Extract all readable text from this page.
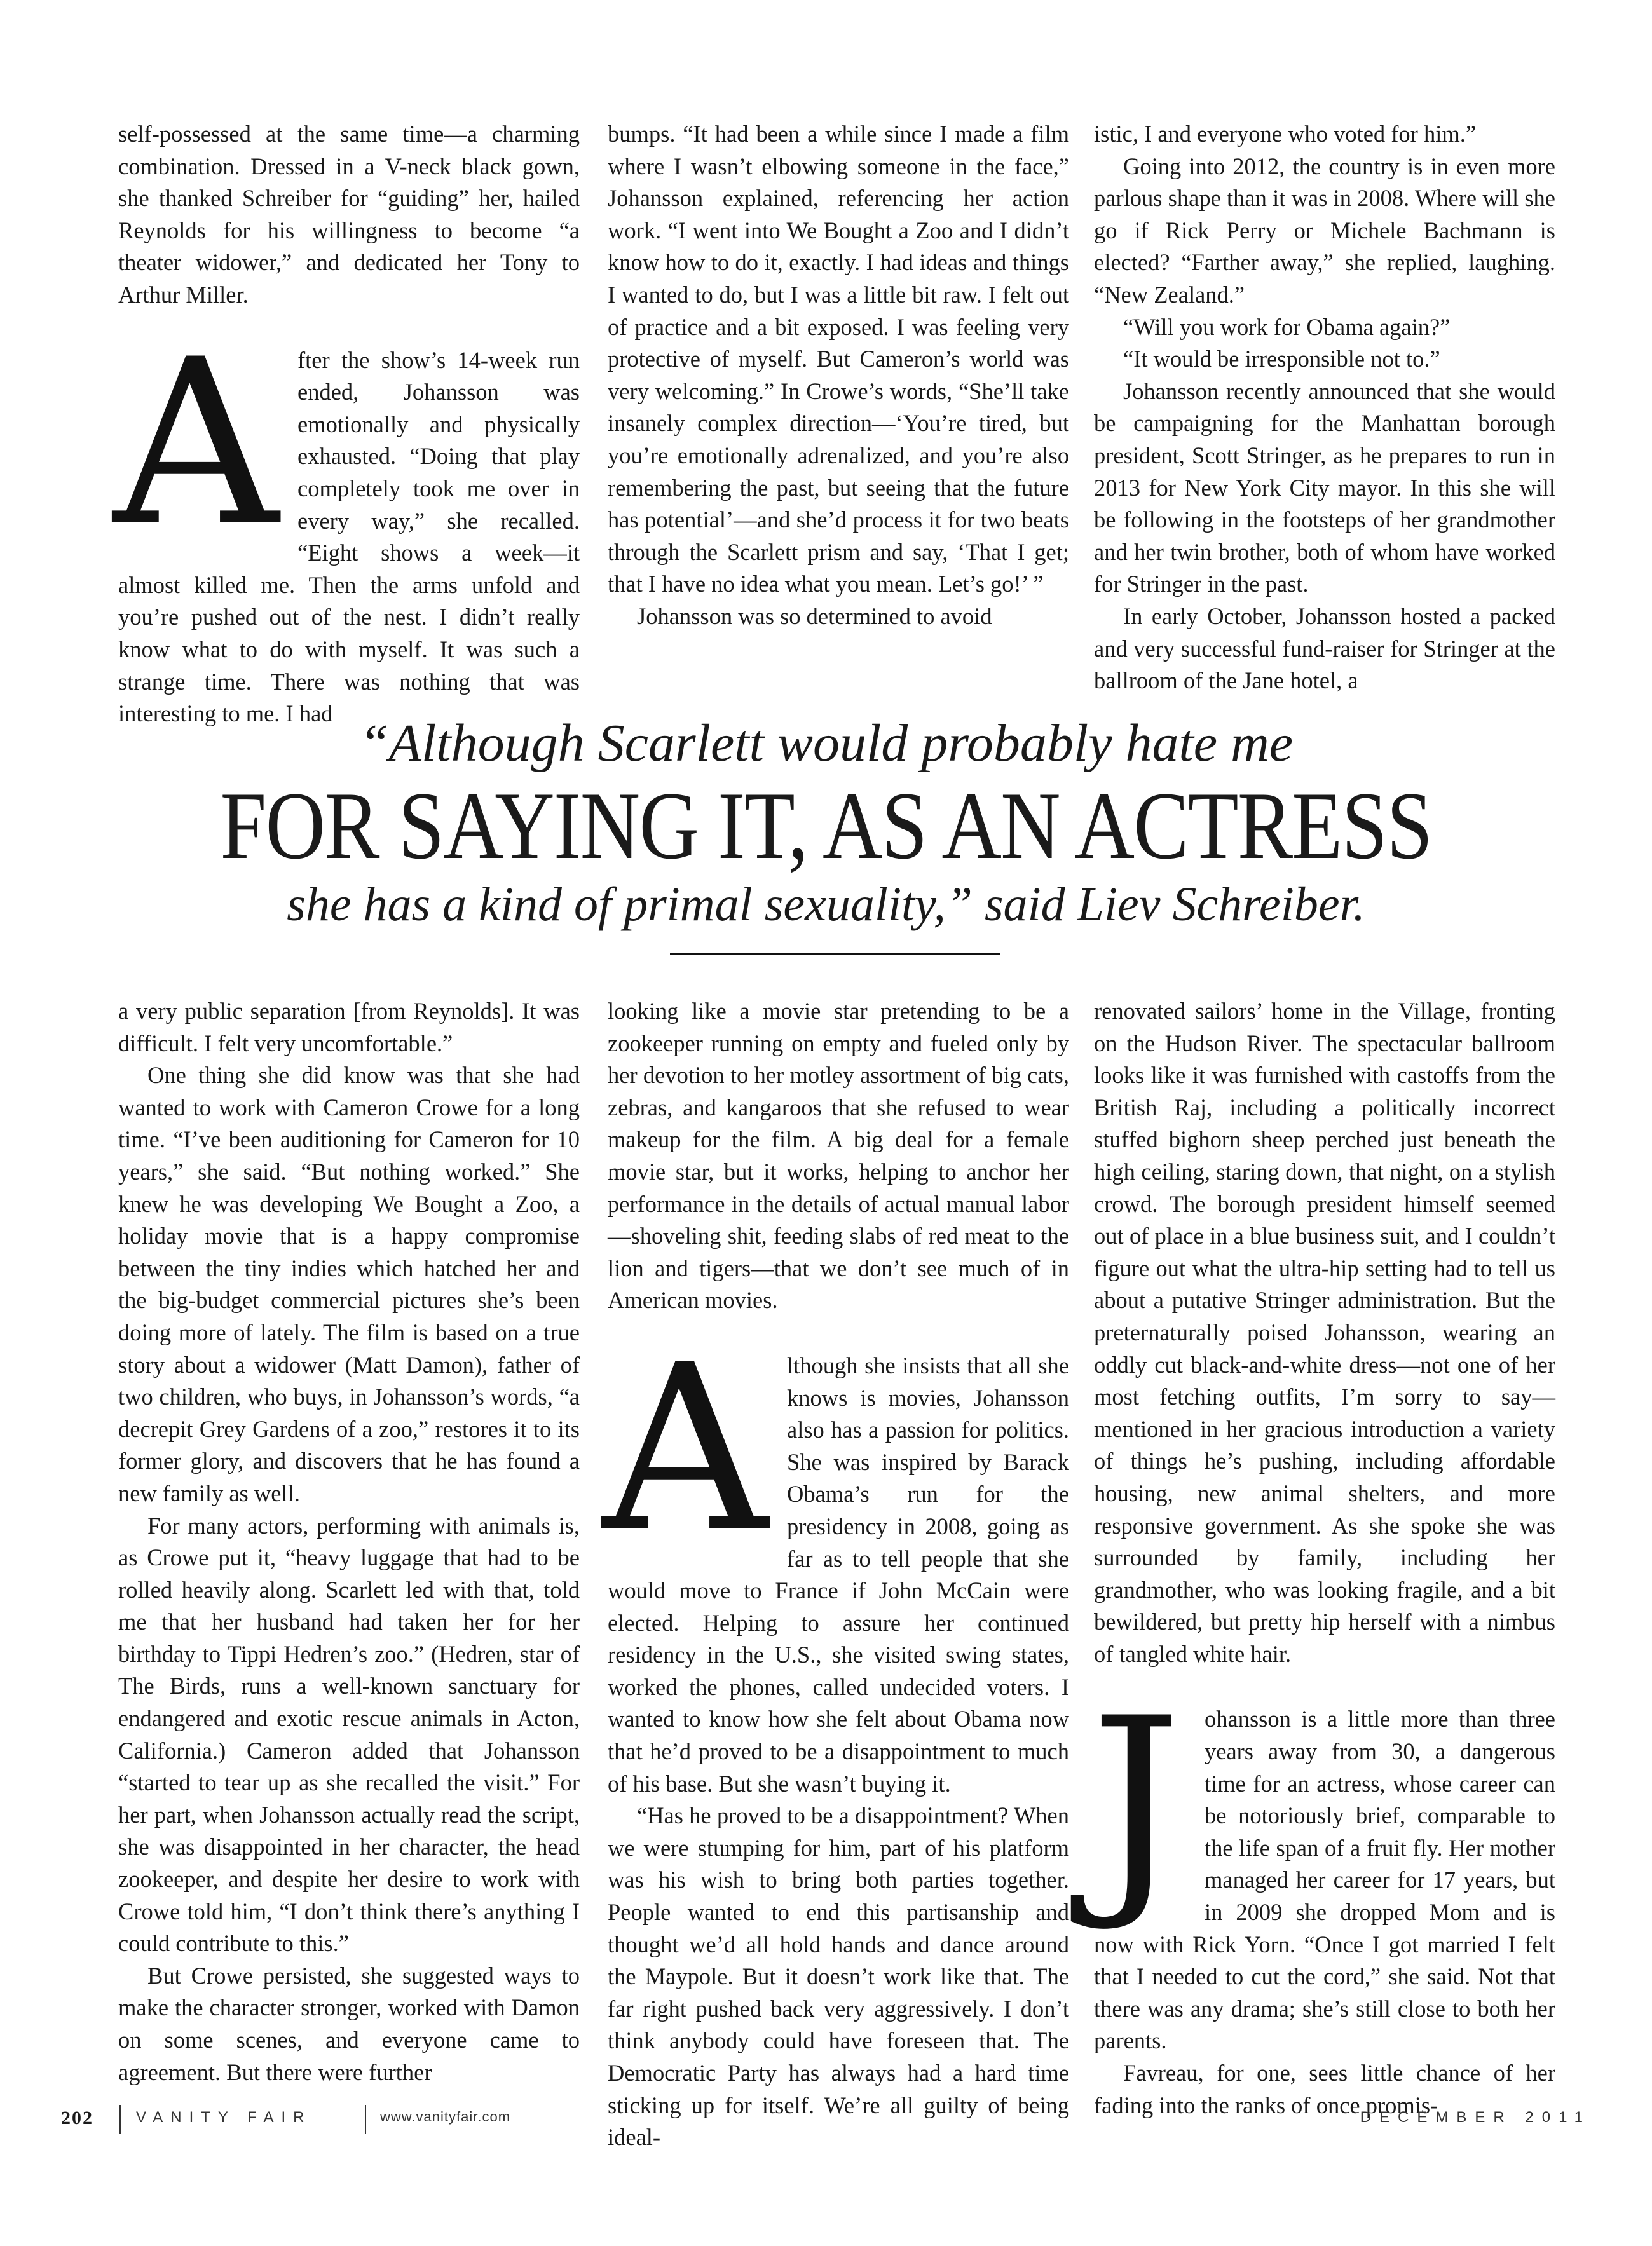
self-possessed at the same time—a charming combination. Dressed in a V-neck black gown, she thanked Schreiber for “guiding” her, hailed Reynolds for his willingness to become “a theater widower,” and dedicated her Tony to Arthur Miller.

After the show’s 14-week run ended, Johansson was emotionally and physically exhausted. “Doing that play completely took me over in every way,” she recalled. “Eight shows a week—it almost killed me. Then the arms unfold and you’re pushed out of the nest. I didn’t really know what to do with myself. It was such a strange time. There was nothing that was interesting to me. I had

bumps. “It had been a while since I made a film where I wasn’t elbowing someone in the face,” Johansson explained, referencing her action work. “I went into We Bought a Zoo and I didn’t know how to do it, exactly. I had ideas and things I wanted to do, but I was a little bit raw. I felt out of practice and a bit exposed. I was feeling very protective of myself. But Cameron’s world was very welcoming.” In Crowe’s words, “She’ll take insanely complex direction—‘You’re tired, but you’re emotionally adrenalized, and you’re also remembering the past, but seeing that the future has potential’—and she’d process it for two beats through the Scarlett prism and say, ‘That I get; that I have no idea what you mean. Let’s go!’ ”

Johansson was so determined to avoid

istic, I and everyone who voted for him.”

Going into 2012, the country is in even more parlous shape than it was in 2008. Where will she go if Rick Perry or Michele Bachmann is elected? “Farther away,” she replied, laughing. “New Zealand.”

“Will you work for Obama again?”

“It would be irresponsible not to.”

Johansson recently announced that she would be campaigning for the Manhattan borough president, Scott Stringer, as he prepares to run in 2013 for New York City mayor. In this she will be following in the footsteps of her grandmother and her twin brother, both of whom have worked for Stringer in the past.

In early October, Johansson hosted a packed and very successful fund-raiser for Stringer at the ballroom of the Jane hotel, a

“Although Scarlett would probably hate me
FOR SAYING IT, AS AN ACTRESS
she has a kind of primal sexuality,” said Liev Schreiber.

a very public separation [from Reynolds]. It was difficult. I felt very uncomfortable.”

One thing she did know was that she had wanted to work with Cameron Crowe for a long time. “I’ve been auditioning for Cameron for 10 years,” she said. “But nothing worked.” She knew he was developing We Bought a Zoo, a holiday movie that is a happy compromise between the tiny indies which hatched her and the big-budget commercial pictures she’s been doing more of lately. The film is based on a true story about a widower (Matt Damon), father of two children, who buys, in Johansson’s words, “a decrepit Grey Gardens of a zoo,” restores it to its former glory, and discovers that he has found a new family as well.

For many actors, performing with animals is, as Crowe put it, “heavy luggage that had to be rolled heavily along. Scarlett led with that, told me that her husband had taken her for her birthday to Tippi Hedren’s zoo.” (Hedren, star of The Birds, runs a well-known sanctuary for endangered and exotic rescue animals in Acton, California.) Cameron added that Johansson “started to tear up as she recalled the visit.” For her part, when Johansson actually read the script, she was disappointed in her character, the head zookeeper, and despite her desire to work with Crowe told him, “I don’t think there’s anything I could contribute to this.”

But Crowe persisted, she suggested ways to make the character stronger, worked with Damon on some scenes, and everyone came to agreement. But there were further

looking like a movie star pretending to be a zookeeper running on empty and fueled only by her devotion to her motley assortment of big cats, zebras, and kangaroos that she refused to wear makeup for the film. A big deal for a female movie star, but it works, helping to anchor her performance in the details of actual manual labor—shoveling shit, feeding slabs of red meat to the lion and tigers—that we don’t see much of in American movies.

Although she insists that all she knows is movies, Johansson also has a passion for politics. She was inspired by Barack Obama’s run for the presidency in 2008, going as far as to tell people that she would move to France if John McCain were elected. Helping to assure her continued residency in the U.S., she visited swing states, worked the phones, called undecided voters. I wanted to know how she felt about Obama now that he’d proved to be a disappointment to much of his base. But she wasn’t buying it.

“Has he proved to be a disappointment? When we were stumping for him, part of his platform was his wish to bring both parties together. People wanted to end this partisanship and thought we’d all hold hands and dance around the Maypole. But it doesn’t work like that. The far right pushed back very aggressively. I don’t think anybody could have foreseen that. The Democratic Party has always had a hard time sticking up for itself. We’re all guilty of being ideal-

renovated sailors’ home in the Village, fronting on the Hudson River. The spectacular ballroom looks like it was furnished with castoffs from the British Raj, including a politically incorrect stuffed bighorn sheep perched just beneath the high ceiling, staring down, that night, on a stylish crowd. The borough president himself seemed out of place in a blue business suit, and I couldn’t figure out what the ultra-hip setting had to tell us about a putative Stringer administration. But the preternaturally poised Johansson, wearing an oddly cut black-and-white dress—not one of her most fetching outfits, I’m sorry to say—mentioned in her gracious introduction a variety of things he’s pushing, including affordable housing, new animal shelters, and more responsive government. As she spoke she was surrounded by family, including her grandmother, who was looking fragile, and a bit bewildered, but pretty hip herself with a nimbus of tangled white hair.

Johansson is a little more than three years away from 30, a dangerous time for an actress, whose career can be notoriously brief, comparable to the life span of a fruit fly. Her mother managed her career for 17 years, but in 2009 she dropped Mom and is now with Rick Yorn. “Once I got married I felt that I needed to cut the cord,” she said. Not that there was any drama; she’s still close to both her parents.

Favreau, for one, sees little chance of her fading into the ranks of once promis-

202	VANITY FAIR	www.vanityfair.com	DECEMBER 2011
